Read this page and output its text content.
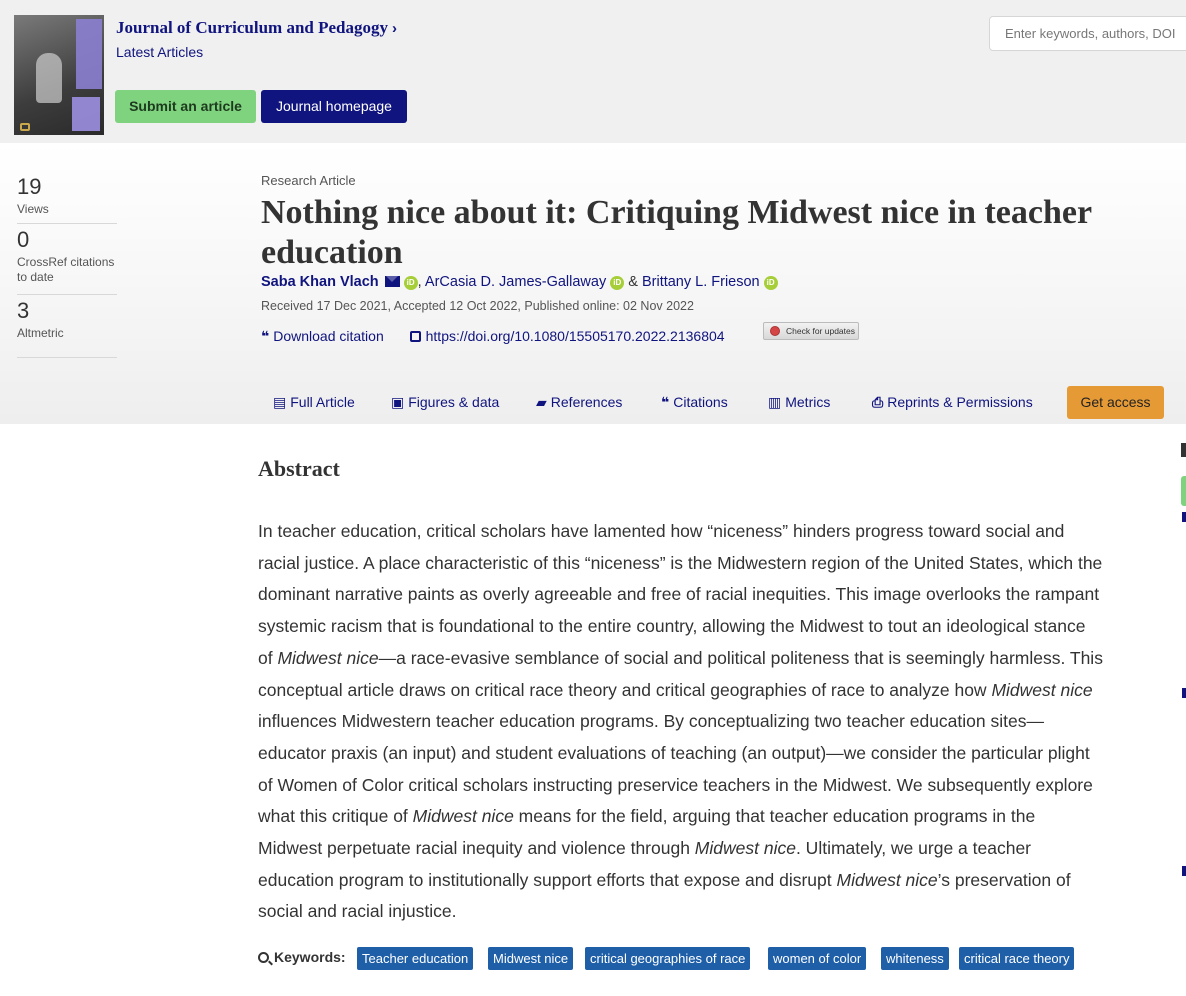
Journal of Curriculum and Pedagogy ›
Latest Articles
Submit an article	Journal homepage
Enter keywords, authors, DOI
19
Views
0
CrossRef citations to date
3
Altmetric
Research Article
Nothing nice about it: Critiquing Midwest nice in teacher
education
Saba Khan Vlach	iD , ArCasia D. James-Gallaway iD & Brittany L. Frieson iD
Received 17 Dec 2021, Accepted 12 Oct 2022, Published online: 02 Nov 2022
❝ Download citation	https://doi.org/10.1080/15505170.2022.2136804	Check for updates
▤ Full Article	▣ Figures & data	▰ References	❝ Citations	▥ Metrics	⎙ Reprints & Permissions	Get access
Abstract
In teacher education, critical scholars have lamented how “niceness” hinders progress toward social and
racial justice. A place characteristic of this “niceness” is the Midwestern region of the United States, which the
dominant narrative paints as overly agreeable and free of racial inequities. This image overlooks the rampant
systemic racism that is foundational to the entire country, allowing the Midwest to tout an ideological stance
of Midwest nice—a race-evasive semblance of social and political politeness that is seemingly harmless. This
conceptual article draws on critical race theory and critical geographies of race to analyze how Midwest nice
influences Midwestern teacher education programs. By conceptualizing two teacher education sites—
educator praxis (an input) and student evaluations of teaching (an output)—we consider the particular plight
of Women of Color critical scholars instructing preservice teachers in the Midwest. We subsequently explore
what this critique of Midwest nice means for the field, arguing that teacher education programs in the
Midwest perpetuate racial inequity and violence through Midwest nice. Ultimately, we urge a teacher
education program to institutionally support efforts that expose and disrupt Midwest nice’s preservation of
social and racial injustice.
Keywords:	Teacher education	Midwest nice	critical geographies of race	women of color	whiteness	critical race theory
